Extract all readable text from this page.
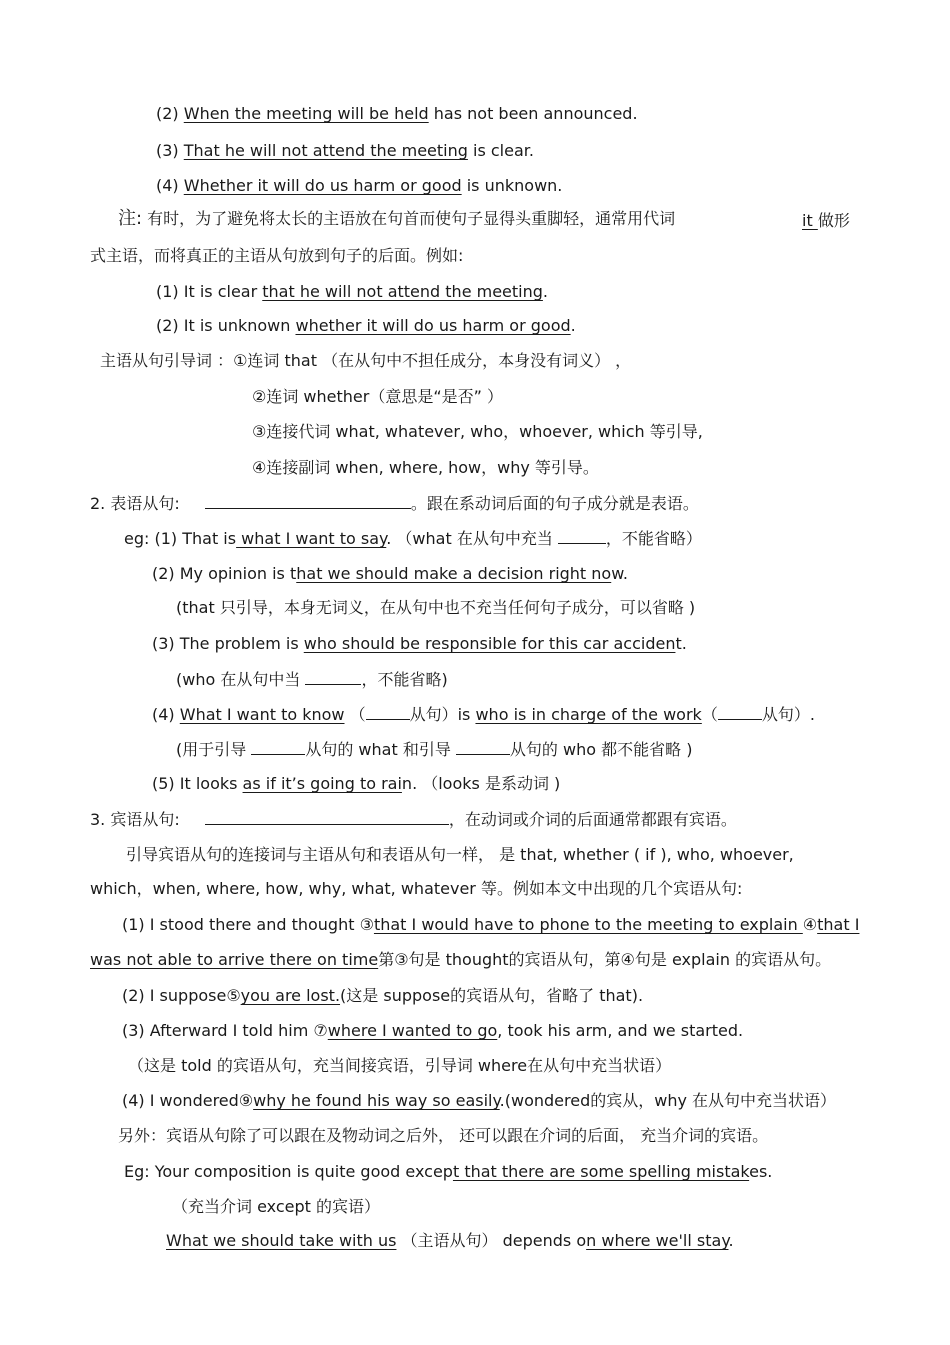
(2) When the meeting will be held has not been announced.
(3) That he will not attend the meeting is clear.
(4) Whether it will do us harm or good is unknown.
注: 有时，为了避免将太长的主语放在句首而使句子显得头重脚轻，通常用代词	it 做形
式主语，而将真正的主语从句放到句子的后面。例如:
(1) It is clear that he will not attend the meeting.
(2) It is unknown whether it will do us harm or good.
主语从句引导词 ：①连词 that （在从句中不担任成分，本身没有词义） ，
②连词 whether（意思是“是否” ）
③连接代词 what, whatever, who，whoever, which 等引导,
④连接副词 when, where, how，why 等引导。
2. 表语从句:	。跟在系动词后面的句子成分就是表语。
eg: (1) That is what I want to say. （what 在从句中充当	，不能省略）
(2) My opinion is that we should make a decision right now.
(that 只引导，本身无词义，在从句中也不充当任何句子成分，可以省略 )
(3) The problem is who should be responsible for this car accident.
(who 在从句中当	，不能省略)
(4) What I want to know （	从句）is who is in charge of the work（	从句）.
(用于引导	从句的 what 和引导	从句的 who 都不能省略 )
(5) It looks as if it’s going to rain. （looks 是系动词 )
3. 宾语从句:	，在动词或介词的后面通常都跟有宾语。
引导宾语从句的连接词与主语从句和表语从句一样， 是 that, whether ( if ), who, whoever,
which，when, where, how, why, what, whatever 等。例如本文中出现的几个宾语从句:
(1) I stood there and thought ③that I would have to phone to the meeting to explain ④that I
was not able to arrive there on time第③句是 thought的宾语从句，第④句是 explain 的宾语从句。
(2) I suppose⑤you are lost.(这是 suppose的宾语从句，省略了 that).
(3) Afterward I told him ⑦where I wanted to go, took his arm, and we started.
（这是 told 的宾语从句，充当间接宾语，引导词 where在从句中充当状语）
(4) I wondered⑨why he found his way so easily.(wondered的宾从，why 在从句中充当状语）
另外：宾语从句除了可以跟在及物动词之后外， 还可以跟在介词的后面， 充当介词的宾语。
Eg: Your composition is quite good except that there are some spelling mistakes.
（充当介词 except 的宾语）
What we should take with us （主语从句） depends on where we'll stay.
